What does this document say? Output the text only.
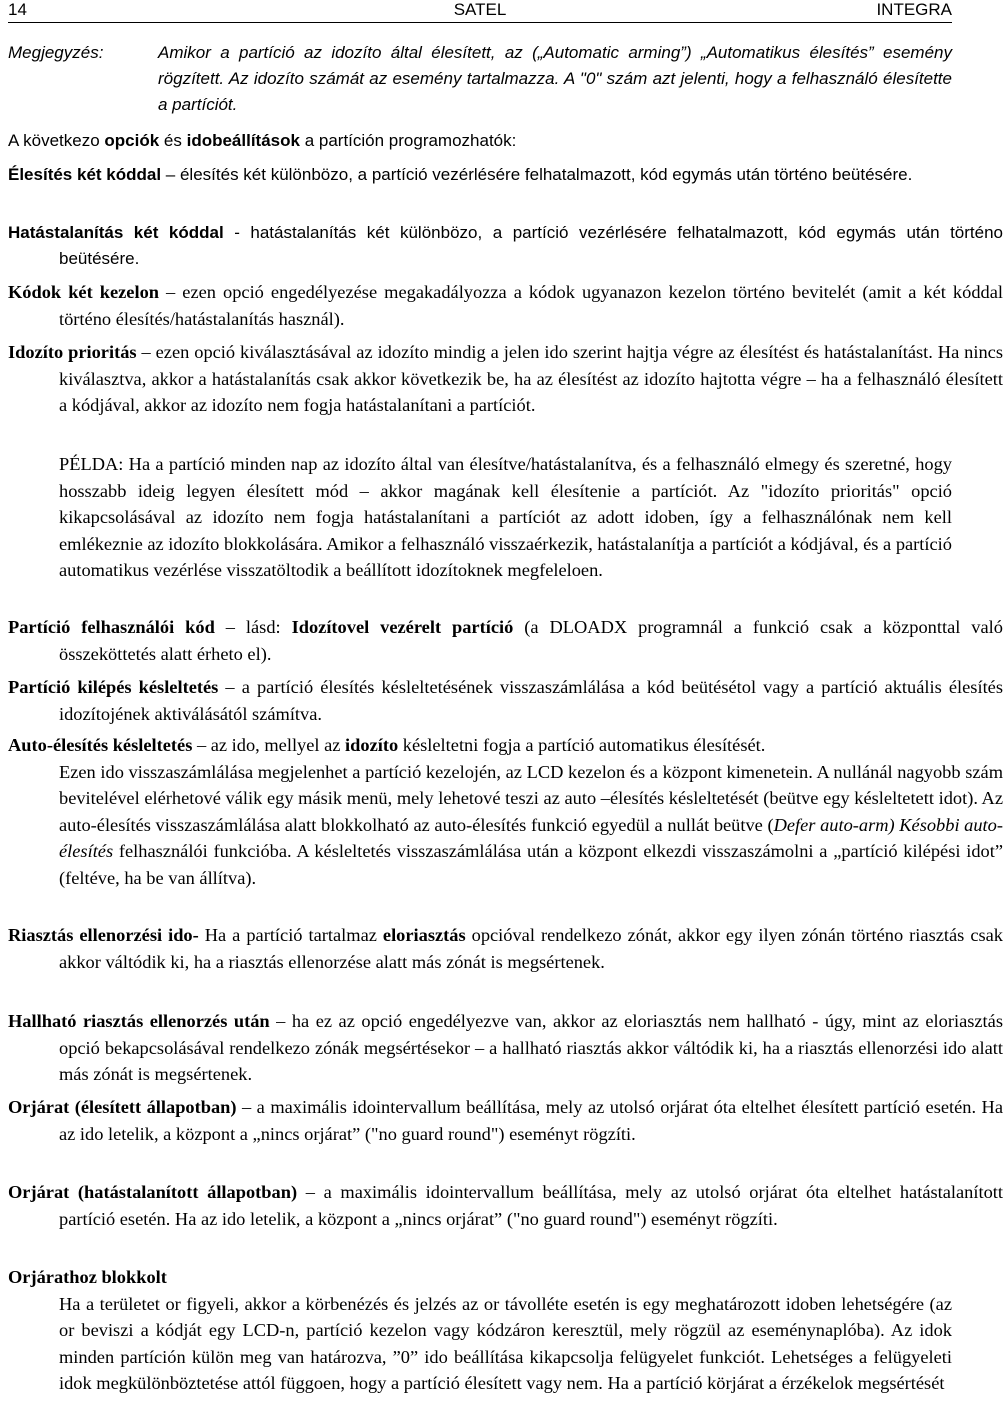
14	SATEL	INTEGRA
Megjegyzés:	Amikor a partíció az idozíto által élesített, az („Automatic arming”) „Automatikus élesítés” esemény rögzített. Az idozíto számát az esemény tartalmazza. A "0" szám azt jelenti, hogy a felhasználó élesítette a partíciót.

A következo opciók és idobeállítások a partíción programozhatók:

Élesítés két kóddal – élesítés két különbözo, a partíció vezérlésére felhatalmazott, kód egymás után történo beütésére.

Hatástalanítás két kóddal - hatástalanítás két különbözo, a partíció vezérlésére felhatalmazott, kód egymás után történo beütésére.

Kódok két kezelon – ezen opció engedélyezése megakadályozza a kódok ugyanazon kezelon történo bevitelét (amit a két kóddal történo élesítés/hatástalanítás használ).

Idozíto prioritás – ezen opció kiválasztásával az idozíto mindig a jelen ido szerint hajtja végre az élesítést és hatástalanítást. Ha nincs kiválasztva, akkor a hatástalanítás csak akkor következik be, ha az élesítést az idozíto hajtotta végre – ha a felhasználó élesített a kódjával, akkor az idozíto nem fogja hatástalanítani a partíciót.

PÉLDA: Ha a partíció minden nap az idozíto által van élesítve/hatástalanítva, és a felhasználó elmegy és szeretné, hogy hosszabb ideig legyen élesített mód – akkor magának kell élesítenie a partíciót. Az "idozíto prioritás" opció kikapcsolásával az idozíto nem fogja hatástalanítani a partíciót az adott idoben, így a felhasználónak nem kell emlékeznie az idozíto blokkolására. Amikor a felhasználó visszaérkezik, hatástalanítja a partíciót a kódjával, és a partíció automatikus vezérlése visszatöltodik a beállított idozítoknek megfeleloen.

Partíció felhasználói kód – lásd: Idozítovel vezérelt partíció (a DLOADX programnál a funkció csak a központtal való összeköttetés alatt érheto el).

Partíció kilépés késleltetés – a partíció élesítés késleltetésének visszaszámlálása a kód beütésétol vagy a partíció aktuális élesítés idozítojének aktiválásától számítva.

Auto-élesítés késleltetés – az ido, mellyel az idozíto késleltetni fogja a partíció automatikus élesítését.
Ezen ido visszaszámlálása megjelenhet a partíció kezelojén, az LCD kezelon és a központ kimenetein. A nullánál nagyobb szám bevitelével elérhetové válik egy másik menü, mely lehetové teszi az auto –élesítés késleltetését (beütve egy késleltetett idot). Az auto-élesítés visszaszámlálása alatt blokkolható az auto-élesítés funkció egyedül a nullát beütve (Defer auto-arm) Késobbi auto-élesítés felhasználói funkcióba. A késleltetés visszaszámlálása után a központ elkezdi visszaszámolni a „partíció kilépési idot” (feltéve, ha be van állítva).

Riasztás ellenorzési ido- Ha a partíció tartalmaz eloriasztás opcióval rendelkezo zónát, akkor egy ilyen zónán történo riasztás csak akkor váltódik ki, ha a riasztás ellenorzése alatt más zónát is megsértenek.

Hallható riasztás ellenorzés után – ha ez az opció engedélyezve van, akkor az eloriasztás nem hallható - úgy, mint az eloriasztás opció bekapcsolásával rendelkezo zónák megsértésekor – a hallható riasztás akkor váltódik ki, ha a riasztás ellenorzési ido alatt más zónát is megsértenek.

Orjárat (élesített állapotban) – a maximális idointervallum beállítása, mely az utolsó orjárat óta eltelhet élesített partíció esetén. Ha az ido letelik, a központ a „nincs orjárat” ("no guard round") eseményt rögzíti.

Orjárat (hatástalanított állapotban) – a maximális idointervallum beállítása, mely az utolsó orjárat óta eltelhet hatástalanított partíció esetén. Ha az ido letelik, a központ a „nincs orjárat” ("no guard round") eseményt rögzíti.

Orjárathoz blokkolt
Ha a területet or figyeli, akkor a körbenézés és jelzés az or távolléte esetén is egy meghatározott idoben lehetségére (az or beviszi a kódját egy LCD-n, partíció kezelon vagy kódzáron keresztül, mely rögzül az eseménynaplóba). Az idok minden partíción külön meg van határozva, ”0” ido beállítása kikapcsolja felügyelet funkciót. Lehetséges a felügyeleti idok megkülönböztetése attól függoen, hogy a partíció élesített vagy nem. Ha a partíció körjárat a érzékelok megsértését
